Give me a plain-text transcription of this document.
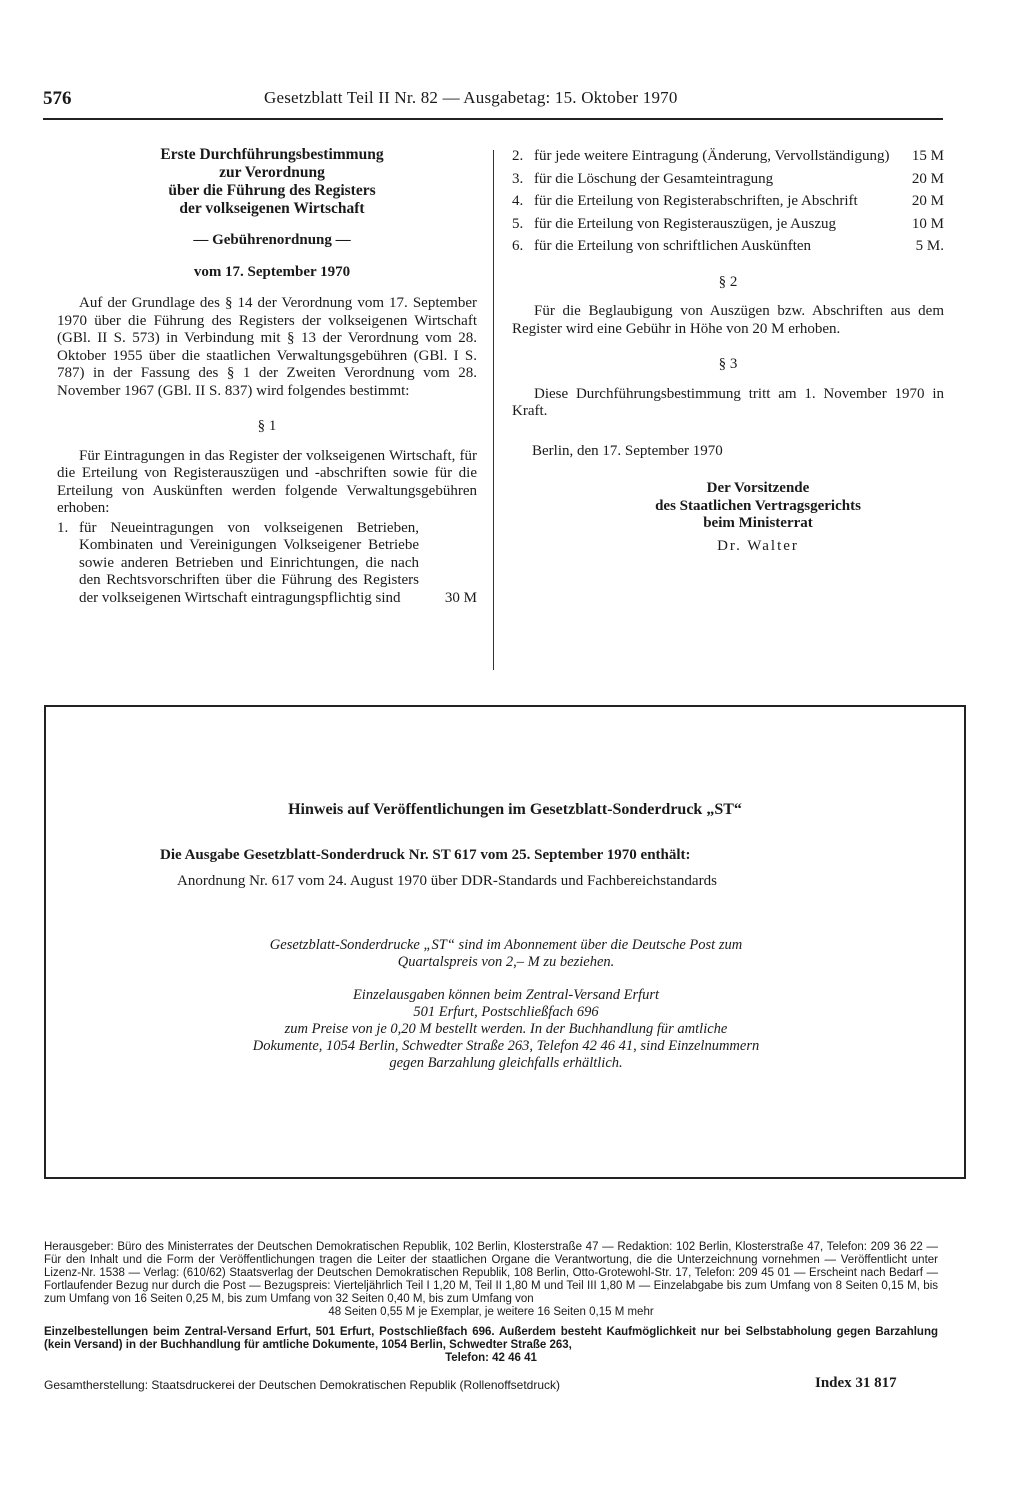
576	Gesetzblatt Teil II Nr. 82 — Ausgabetag: 15. Oktober 1970
Erste Durchführungsbestimmung
zur Verordnung
über die Führung des Registers
der volkseigenen Wirtschaft
— Gebührenordnung —
vom 17. September 1970
Auf der Grundlage des § 14 der Verordnung vom 17. September 1970 über die Führung des Registers der volkseigenen Wirtschaft (GBl. II S. 573) in Verbindung mit § 13 der Verordnung vom 28. Oktober 1955 über die staatlichen Verwaltungsgebühren (GBl. I S. 787) in der Fassung des § 1 der Zweiten Verordnung vom 28. November 1967 (GBl. II S. 837) wird folgendes bestimmt:
§ 1
Für Eintragungen in das Register der volkseigenen Wirtschaft, für die Erteilung von Registerauszügen und -abschriften sowie für die Erteilung von Auskünften werden folgende Verwaltungsgebühren erhoben:
1. für Neueintragungen von volkseigenen Betrieben, Kombinaten und Vereinigungen Volkseigener Betriebe sowie anderen Betrieben und Einrichtungen, die nach den Rechtsvorschriften über die Führung des Registers der volkseigenen Wirtschaft eintragungspflichtig sind	30 M
2. für jede weitere Eintragung (Änderung, Vervollständigung)	15 M
3. für die Löschung der Gesamteintragung	20 M
4. für die Erteilung von Registerabschriften, je Abschrift	20 M
5. für die Erteilung von Registerauszügen, je Auszug	10 M
6. für die Erteilung von schriftlichen Auskünften	5 M.
§ 2
Für die Beglaubigung von Auszügen bzw. Abschriften aus dem Register wird eine Gebühr in Höhe von 20 M erhoben.
§ 3
Diese Durchführungsbestimmung tritt am 1. November 1970 in Kraft.
Berlin, den 17. September 1970
Der Vorsitzende
des Staatlichen Vertragsgerichts
beim Ministerrat
Dr. Walter
Hinweis auf Veröffentlichungen im Gesetzblatt-Sonderdruck „ST“
Die Ausgabe Gesetzblatt-Sonderdruck Nr. ST 617 vom 25. September 1970 enthält:
Anordnung Nr. 617 vom 24. August 1970 über DDR-Standards und Fachbereichstandards
Gesetzblatt-Sonderdrucke „ST“ sind im Abonnement über die Deutsche Post zum
Quartalspreis von 2,– M zu beziehen.
Einzelausgaben können beim Zentral-Versand Erfurt
501 Erfurt, Postschließfach 696
zum Preise von je 0,20 M bestellt werden. In der Buchhandlung für amtliche
Dokumente, 1054 Berlin, Schwedter Straße 263, Telefon 42 46 41, sind Einzelnummern
gegen Barzahlung gleichfalls erhältlich.

Herausgeber: Büro des Ministerrates der Deutschen Demokratischen Republik, 102 Berlin, Klosterstraße 47 — Redaktion: 102 Berlin, Klosterstraße 47, Telefon: 209 36 22 — Für den Inhalt und die Form der Veröffentlichungen tragen die Leiter der staatlichen Organe die Verantwortung, die die Unterzeichnung vornehmen — Veröffentlicht unter Lizenz-Nr. 1538 — Verlag: (610/62) Staatsverlag der Deutschen Demokratischen Republik, 108 Berlin, Otto-Grotewohl-Str. 17, Telefon: 209 45 01 — Erscheint nach Bedarf — Fortlaufender Bezug nur durch die Post — Bezugspreis: Vierteljährlich Teil I 1,20 M, Teil II 1,80 M und Teil III 1,80 M — Einzelabgabe bis zum Umfang von 8 Seiten 0,15 M, bis zum Umfang von 16 Seiten 0,25 M, bis zum Umfang von 32 Seiten 0,40 M, bis zum Umfang von

48 Seiten 0,55 M je Exemplar, je weitere 16 Seiten 0,15 M mehr

Einzelbestellungen beim Zentral-Versand Erfurt, 501 Erfurt, Postschließfach 696. Außerdem besteht Kaufmöglichkeit nur bei Selbstabholung gegen Barzahlung (kein Versand) in der Buchhandlung für amtliche Dokumente, 1054 Berlin, Schwedter Straße 263,

Telefon: 42 46 41

Gesamtherstellung: Staatsdruckerei der Deutschen Demokratischen Republik (Rollenoffsetdruck)	Index 31 817
